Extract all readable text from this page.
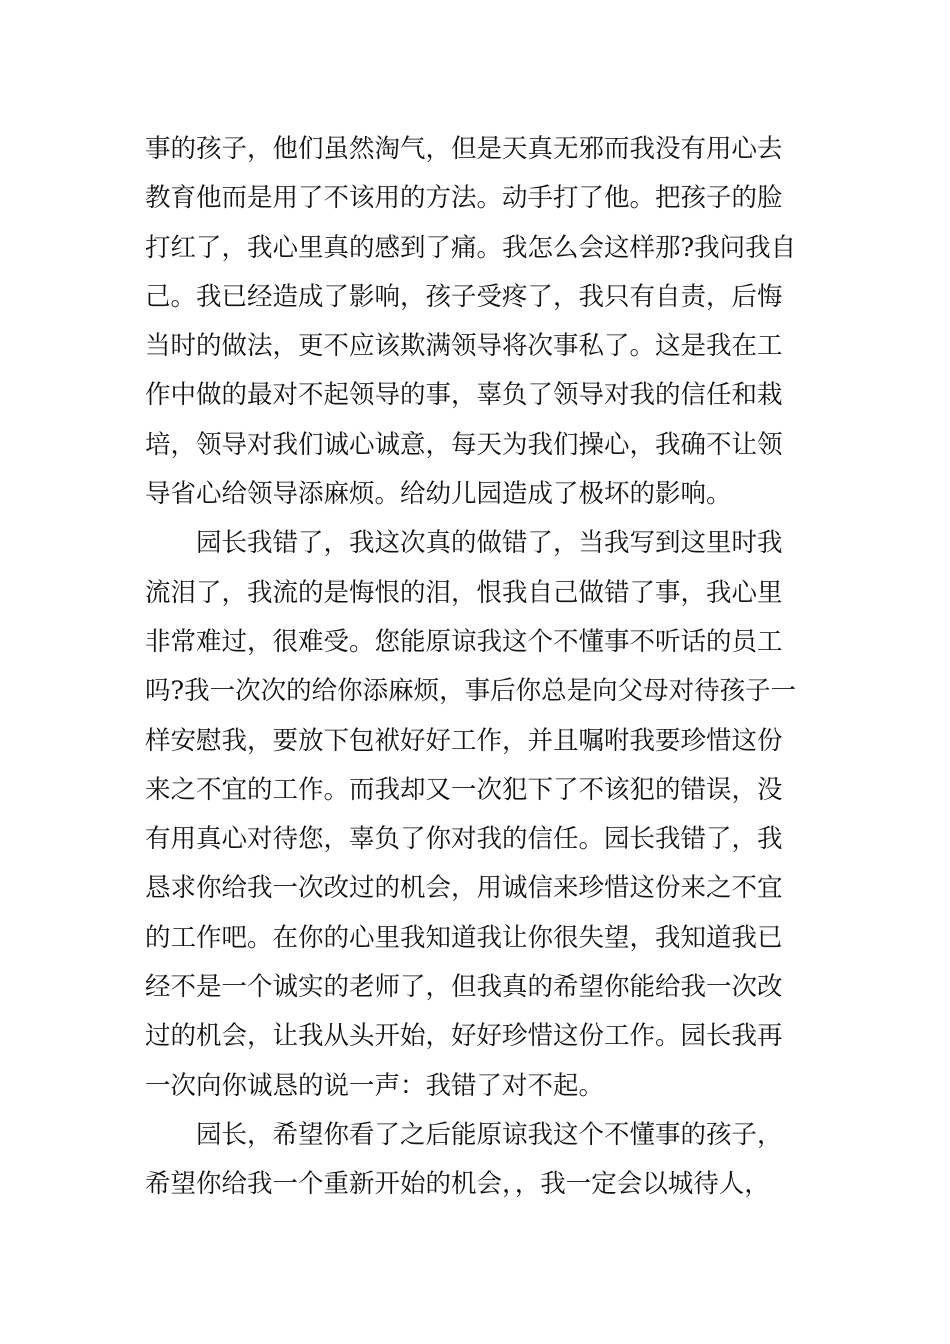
事的孩子，他们虽然淘气，但是天真无邪而我没有用心去
教育他而是用了不该用的方法。动手打了他。把孩子的脸
打红了，我心里真的感到了痛。我怎么会这样那?我问我自
己。我已经造成了影响，孩子受疼了，我只有自责，后悔
当时的做法，更不应该欺满领导将次事私了。这是我在工
作中做的最对不起领导的事，辜负了领导对我的信任和栽
培，领导对我们诚心诚意，每天为我们操心，我确不让领
导省心给领导添麻烦。给幼儿园造成了极坏的影响。
　　园长我错了，我这次真的做错了，当我写到这里时我
流泪了，我流的是悔恨的泪，恨我自己做错了事，我心里
非常难过，很难受。您能原谅我这个不懂事不听话的员工
吗?我一次次的给你添麻烦，事后你总是向父母对待孩子一
样安慰我，要放下包袱好好工作，并且嘱咐我要珍惜这份
来之不宜的工作。而我却又一次犯下了不该犯的错误，没
有用真心对待您，辜负了你对我的信任。园长我错了，我
恳求你给我一次改过的机会，用诚信来珍惜这份来之不宜
的工作吧。在你的心里我知道我让你很失望，我知道我已
经不是一个诚实的老师了，但我真的希望你能给我一次改
过的机会，让我从头开始，好好珍惜这份工作。园长我再
一次向你诚恳的说一声：我错了对不起。
　　园长，希望你看了之后能原谅我这个不懂事的孩子，
希望你给我一个重新开始的机会，，我一定会以城待人，
